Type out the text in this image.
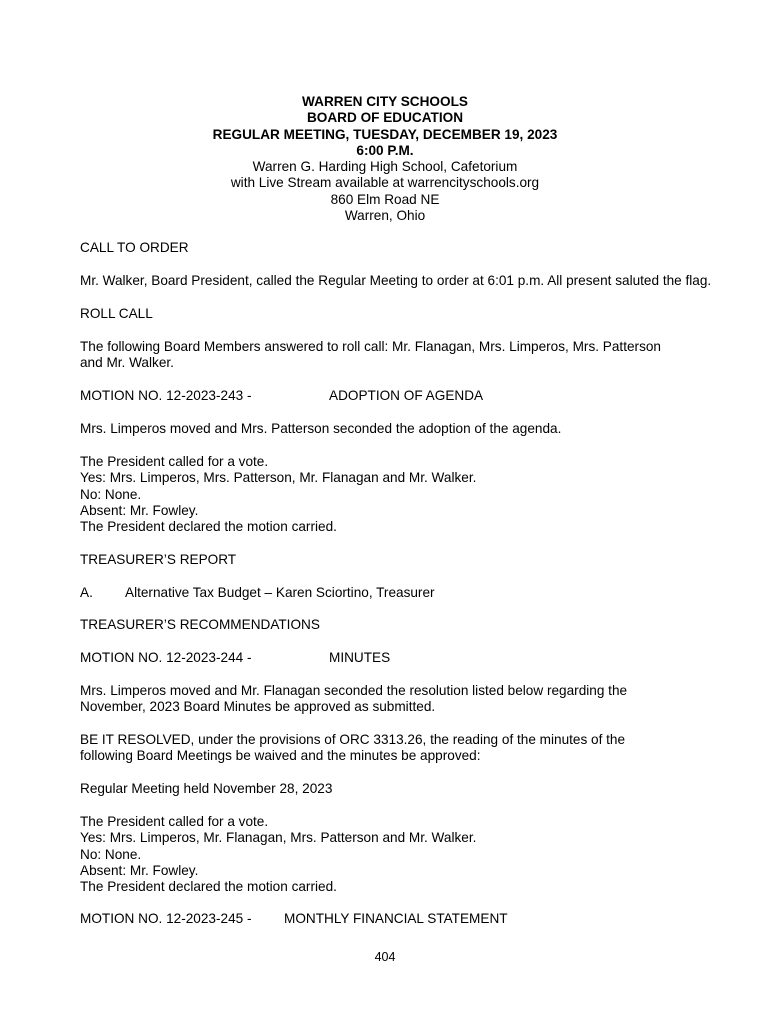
WARREN CITY SCHOOLS
BOARD OF EDUCATION
REGULAR MEETING, TUESDAY, DECEMBER 19, 2023
6:00 P.M.
Warren G. Harding High School, Cafetorium
with Live Stream available at warrencityschools.org
860 Elm Road NE
Warren, Ohio
CALL TO ORDER
Mr. Walker, Board President, called the Regular Meeting to order at 6:01 p.m. All present saluted the flag.
ROLL CALL
The following Board Members answered to roll call: Mr. Flanagan, Mrs. Limperos, Mrs. Patterson
and Mr. Walker.
MOTION NO. 12-2023-243 -	ADOPTION OF AGENDA
Mrs. Limperos moved and Mrs. Patterson seconded the adoption of the agenda.
The President called for a vote.
Yes: Mrs. Limperos, Mrs. Patterson, Mr. Flanagan and Mr. Walker.
No: None.
Absent: Mr. Fowley.
The President declared the motion carried.
TREASURER’S REPORT
A. Alternative Tax Budget – Karen Sciortino, Treasurer
TREASURER’S RECOMMENDATIONS
MOTION NO. 12-2023-244 -	MINUTES
Mrs. Limperos moved and Mr. Flanagan seconded the resolution listed below regarding the
November, 2023 Board Minutes be approved as submitted.
BE IT RESOLVED, under the provisions of ORC 3313.26, the reading of the minutes of the
following Board Meetings be waived and the minutes be approved:
Regular Meeting held November 28, 2023
The President called for a vote.
Yes: Mrs. Limperos, Mr. Flanagan, Mrs. Patterson and Mr. Walker.
No: None.
Absent: Mr. Fowley.
The President declared the motion carried.
MOTION NO. 12-2023-245 - MONTHLY FINANCIAL STATEMENT
404
